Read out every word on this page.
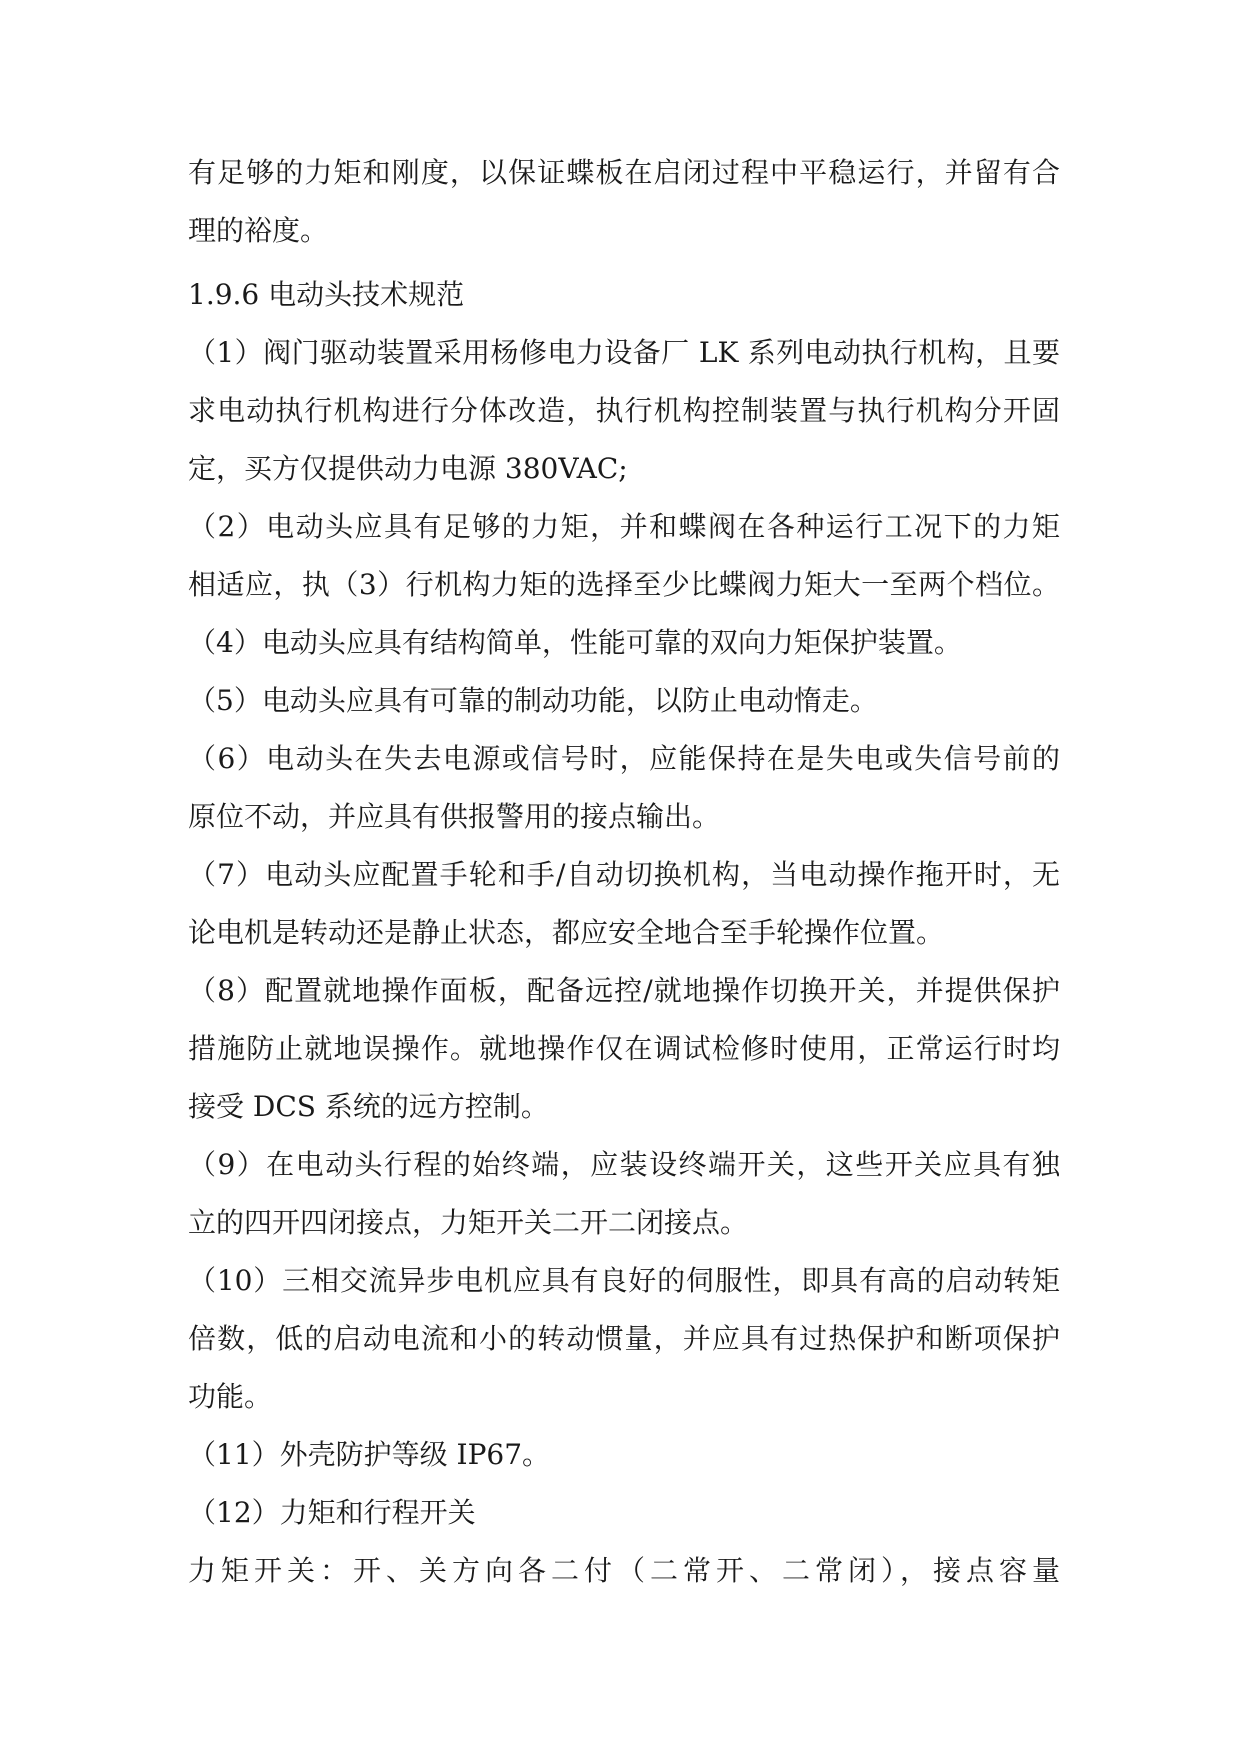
有足够的力矩和刚度，以保证蝶板在启闭过程中平稳运行，并留有合
理的裕度。
1.9.6 电动头技术规范
（1）阀门驱动装置采用杨修电力设备厂 LK 系列电动执行机构，且要
求电动执行机构进行分体改造，执行机构控制装置与执行机构分开固
定，买方仅提供动力电源 380VAC;
（2）电动头应具有足够的力矩，并和蝶阀在各种运行工况下的力矩
相适应，执（3）行机构力矩的选择至少比蝶阀力矩大一至两个档位。
（4）电动头应具有结构简单，性能可靠的双向力矩保护装置。
（5）电动头应具有可靠的制动功能，以防止电动惰走。
（6）电动头在失去电源或信号时，应能保持在是失电或失信号前的
原位不动，并应具有供报警用的接点输出。
（7）电动头应配置手轮和手/自动切换机构，当电动操作拖开时，无
论电机是转动还是静止状态，都应安全地合至手轮操作位置。
（8）配置就地操作面板，配备远控/就地操作切换开关，并提供保护
措施防止就地误操作。就地操作仅在调试检修时使用，正常运行时均
接受 DCS 系统的远方控制。
（9）在电动头行程的始终端，应装设终端开关，这些开关应具有独
立的四开四闭接点，力矩开关二开二闭接点。
（10）三相交流异步电机应具有良好的伺服性，即具有高的启动转矩
倍数，低的启动电流和小的转动惯量，并应具有过热保护和断项保护
功能。
（11）外壳防护等级 IP67。
（12）力矩和行程开关
力矩开关：开、关方向各二付（二常开、二常闭），接点容量
